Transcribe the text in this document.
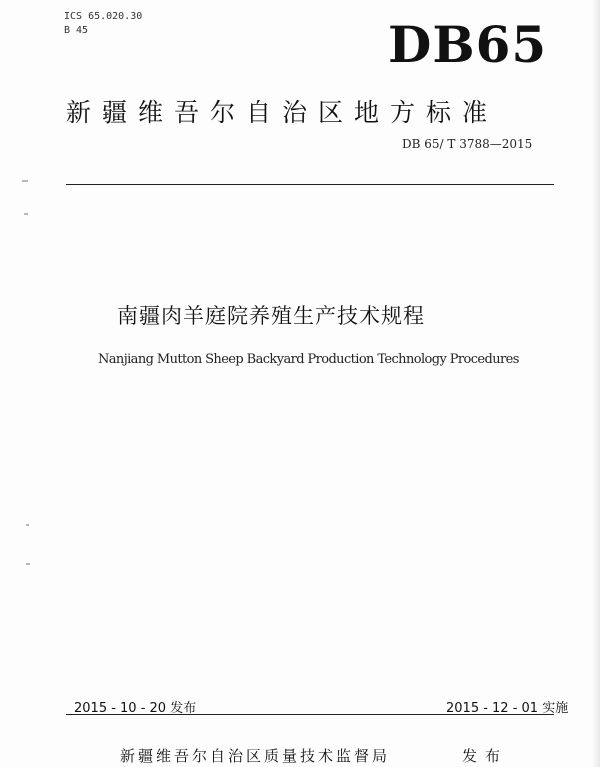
ICS 65.020.30
B 45	DB65
新疆维吾尔自治区地方标准
DB 65/ T 3788—2015
南疆肉羊庭院养殖生产技术规程
Nanjiang Mutton Sheep Backyard Production Technology Procedures
2015 - 10 - 20 发布	2015 - 12 - 01 实施
新疆维吾尔自治区质量技术监督局	发布
